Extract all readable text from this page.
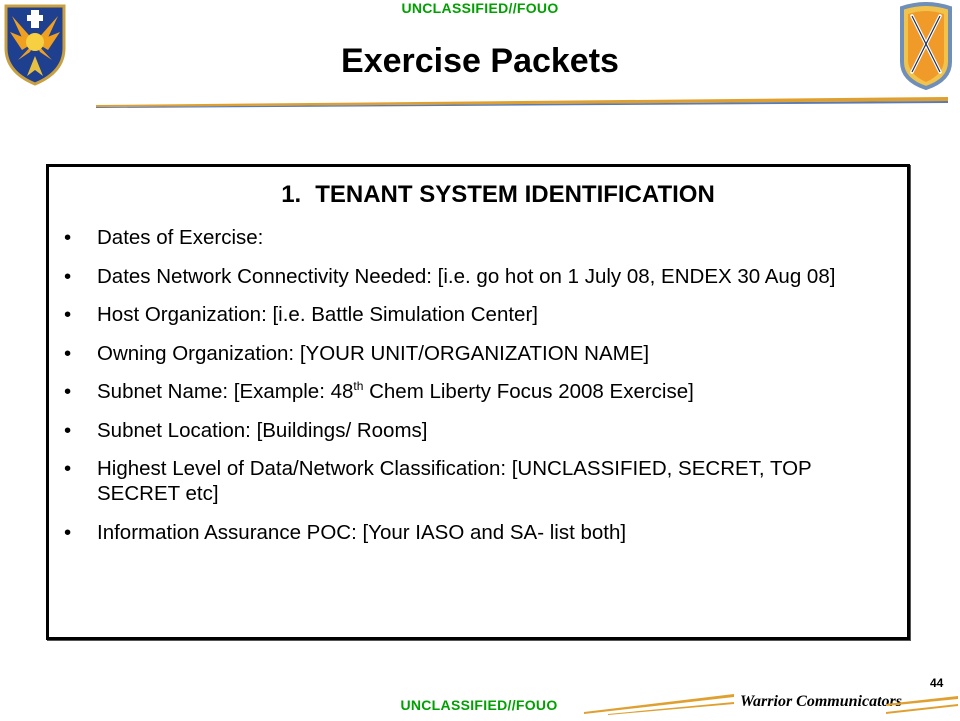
UNCLASSIFIED//FOUO
Exercise Packets
1. TENANT SYSTEM IDENTIFICATION
• Dates of Exercise:
• Dates Network Connectivity Needed: [i.e. go hot on 1 July 08, ENDEX 30 Aug 08]
• Host Organization: [i.e. Battle Simulation Center]
• Owning Organization: [YOUR UNIT/ORGANIZATION NAME]
• Subnet Name: [Example: 48th Chem Liberty Focus 2008 Exercise]
• Subnet Location: [Buildings/ Rooms]
• Highest Level of Data/Network Classification: [UNCLASSIFIED, SECRET, TOP SECRET etc]
• Information Assurance POC: [Your IASO and SA- list both]
44
UNCLASSIFIED//FOUO	Warrior Communicators
